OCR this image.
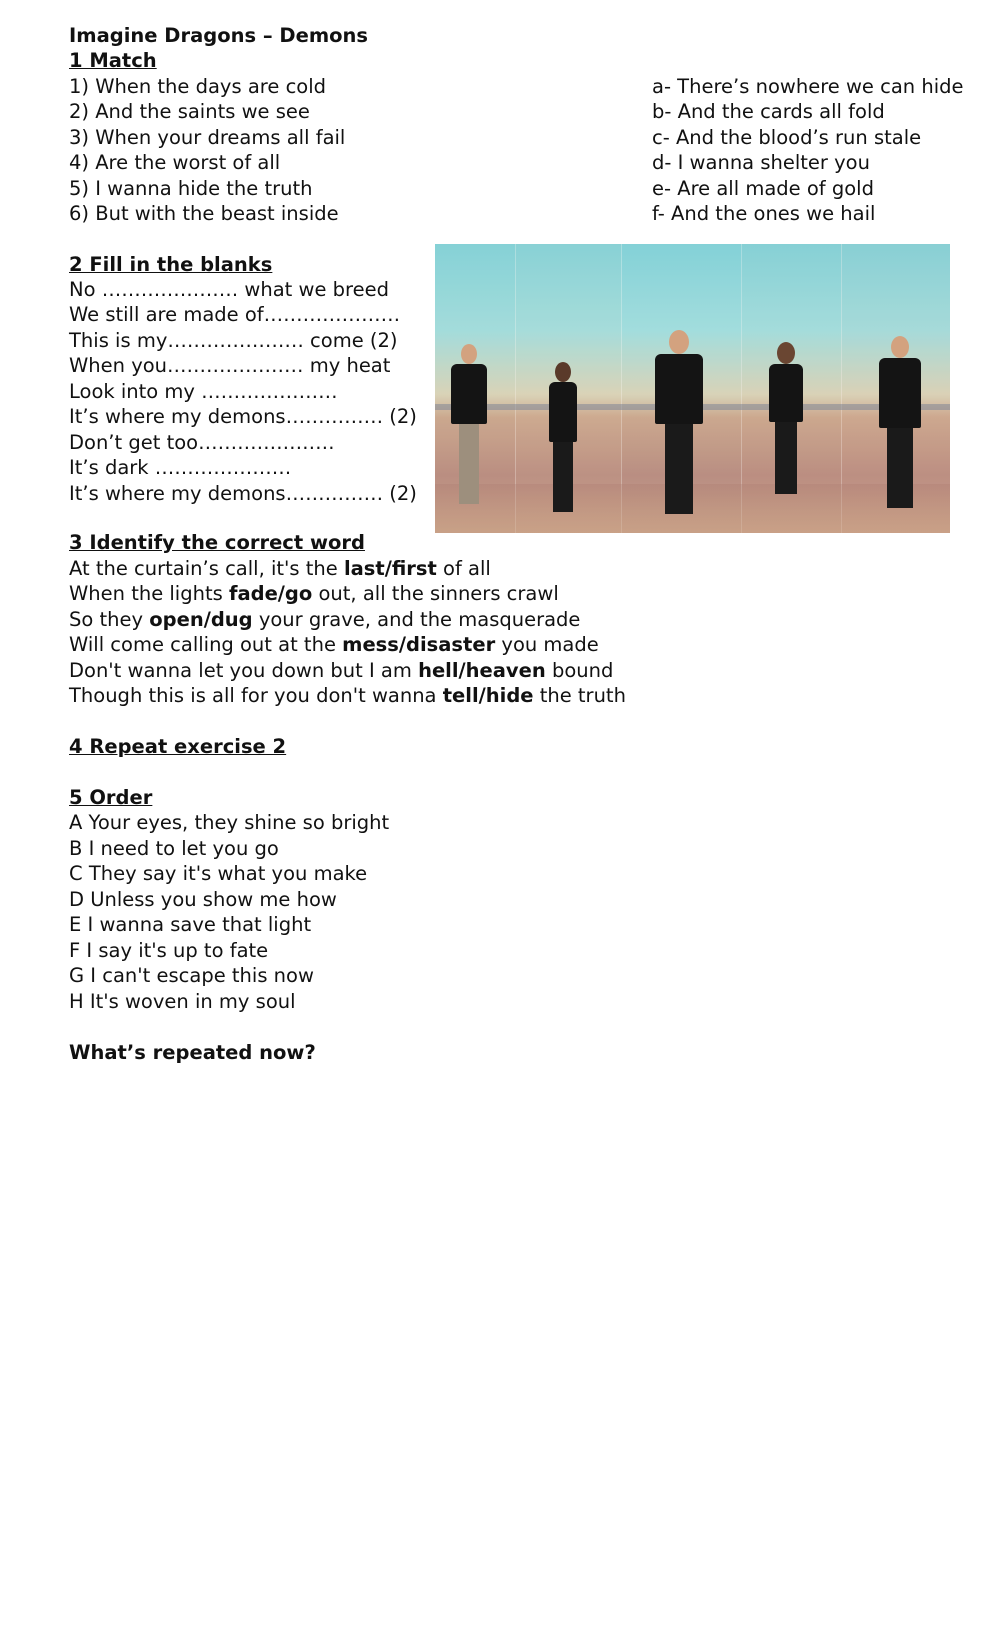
Imagine Dragons – Demons
1 Match
1) When the days are cold
2) And the saints we see
3) When your dreams all fail
4) Are the worst of all
5) I wanna hide the truth
6) But with the beast inside
a- There’s nowhere we can hide
b- And the cards all fold
c- And the blood’s run stale
d- I wanna shelter you
e- Are all made of gold
f- And the ones we hail
2 Fill in the blanks
No ………………… what we breed
We still are made of…………………
This is my………………… come (2)
When you………………… my heat
Look into my …………………
It’s where my demons…………… (2)
Don’t get too…………………
It’s dark …………………
It’s where my demons…………… (2)
3 Identify the correct word
At the curtain’s call, it's the last/first of all
When the lights fade/go out, all the sinners crawl
So they open/dug your grave, and the masquerade
Will come calling out at the mess/disaster you made
Don't wanna let you down but I am hell/heaven bound
Though this is all for you don't wanna tell/hide the truth
4 Repeat exercise 2
5 Order
A Your eyes, they shine so bright
B I need to let you go
C They say it's what you make
D Unless you show me how
E I wanna save that light
F I say it's up to fate
G I can't escape this now
H It's woven in my soul
What’s repeated now?
